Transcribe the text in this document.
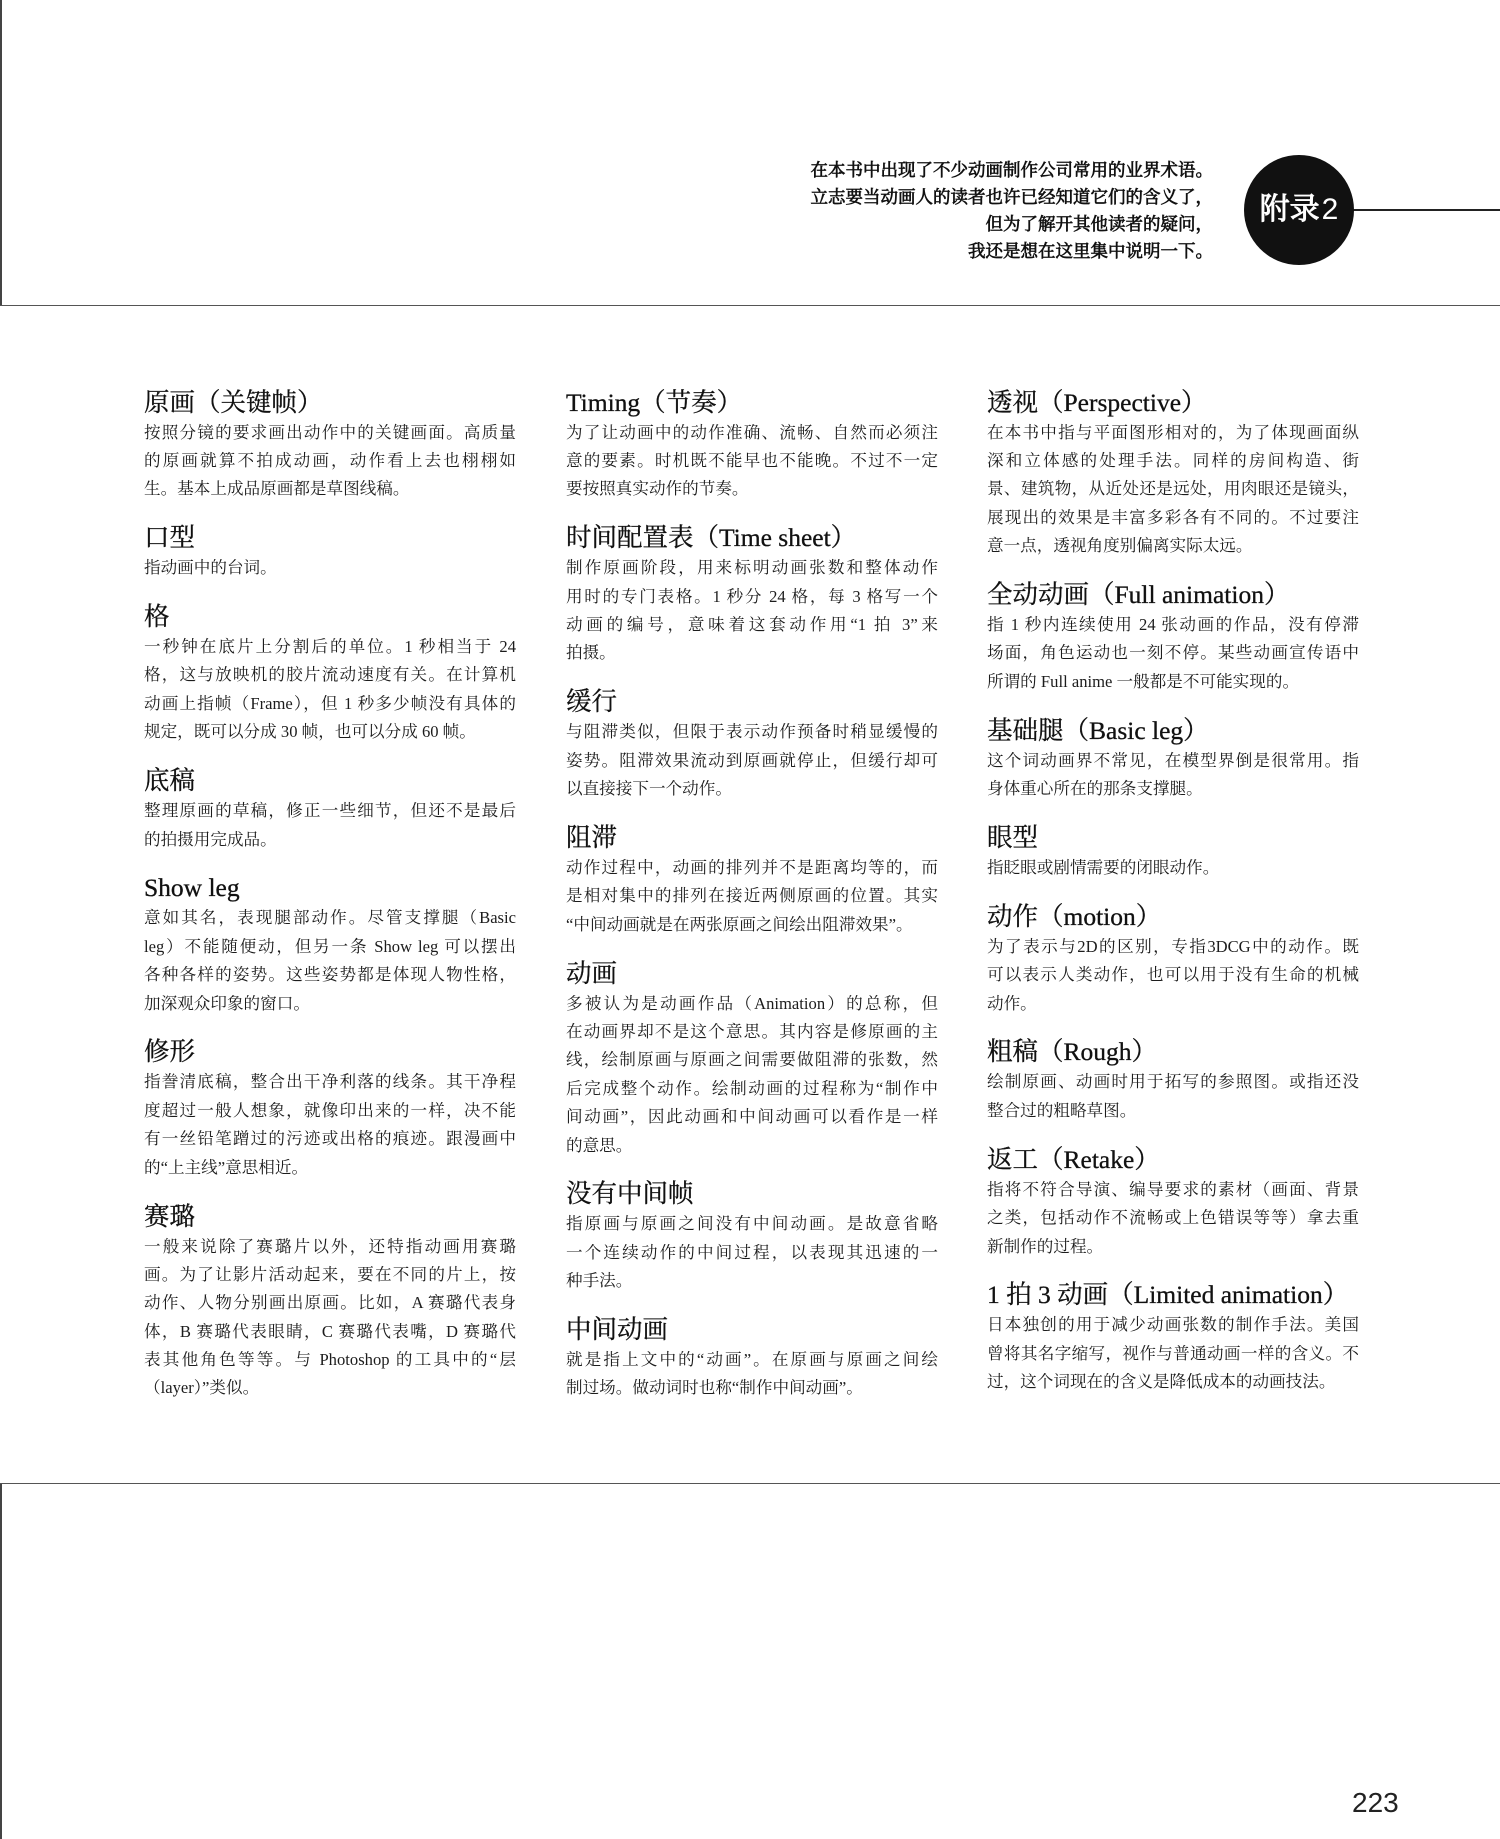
在本书中出现了不少动画制作公司常用的业界术语。
立志要当动画人的读者也许已经知道它们的含义了，
但为了解开其他读者的疑问，
我还是想在这里集中说明一下。
附录 2
原画（关键帧）
按照分镜的要求画出动作中的关键画面。高质量
的原画就算不拍成动画，动作看上去也栩栩如
生。基本上成品原画都是草图线稿。
口型
指动画中的台词。
格
一秒钟在底片上分割后的单位。1 秒相当于 24
格，这与放映机的胶片流动速度有关。在计算机
动画上指帧（Frame），但 1 秒多少帧没有具体的
规定，既可以分成 30 帧，也可以分成 60 帧。
底稿
整理原画的草稿，修正一些细节，但还不是最后
的拍摄用完成品。
Show leg
意如其名，表现腿部动作。尽管支撑腿（Basic
leg）不能随便动，但另一条 Show leg 可以摆出
各种各样的姿势。这些姿势都是体现人物性格，
加深观众印象的窗口。
修形
指誊清底稿，整合出干净利落的线条。其干净程
度超过一般人想象，就像印出来的一样，决不能
有一丝铅笔蹭过的污迹或出格的痕迹。跟漫画中
的“上主线”意思相近。
赛璐
一般来说除了赛璐片以外，还特指动画用赛璐
画。为了让影片活动起来，要在不同的片上，按
动作、人物分别画出原画。比如，A 赛璐代表身
体，B 赛璐代表眼睛，C 赛璐代表嘴，D 赛璐代
表其他角色等等。与 Photoshop 的工具中的“层
（layer）”类似。
Timing（节奏）
为了让动画中的动作准确、流畅、自然而必须注
意的要素。时机既不能早也不能晚。不过不一定
要按照真实动作的节奏。
时间配置表（Time sheet）
制作原画阶段，用来标明动画张数和整体动作
用时的专门表格。1 秒分 24 格，每 3 格写一个
动画的编号，意味着这套动作用“1 拍 3”来
拍摄。
缓行
与阻滞类似，但限于表示动作预备时稍显缓慢的
姿势。阻滞效果流动到原画就停止，但缓行却可
以直接接下一个动作。
阻滞
动作过程中，动画的排列并不是距离均等的，而
是相对集中的排列在接近两侧原画的位置。其实
“中间动画就是在两张原画之间绘出阻滞效果”。
动画
多被认为是动画作品（Animation）的总称，但
在动画界却不是这个意思。其内容是修原画的主
线，绘制原画与原画之间需要做阻滞的张数，然
后完成整个动作。绘制动画的过程称为“制作中
间动画”，因此动画和中间动画可以看作是一样
的意思。
没有中间帧
指原画与原画之间没有中间动画。是故意省略
一个连续动作的中间过程，以表现其迅速的一
种手法。
中间动画
就是指上文中的“动画”。在原画与原画之间绘
制过场。做动词时也称“制作中间动画”。
透视（Perspective）
在本书中指与平面图形相对的，为了体现画面纵
深和立体感的处理手法。同样的房间构造、街
景、建筑物，从近处还是远处，用肉眼还是镜头，
展现出的效果是丰富多彩各有不同的。不过要注
意一点，透视角度别偏离实际太远。
全动动画（Full animation）
指 1 秒内连续使用 24 张动画的作品，没有停滞
场面，角色运动也一刻不停。某些动画宣传语中
所谓的 Full anime 一般都是不可能实现的。
基础腿（Basic leg）
这个词动画界不常见，在模型界倒是很常用。指
身体重心所在的那条支撑腿。
眼型
指眨眼或剧情需要的闭眼动作。
动作（motion）
为了表示与2D的区别，专指3DCG中的动作。既
可以表示人类动作，也可以用于没有生命的机械
动作。
粗稿（Rough）
绘制原画、动画时用于拓写的参照图。或指还没
整合过的粗略草图。
返工（Retake）
指将不符合导演、编导要求的素材（画面、背景
之类，包括动作不流畅或上色错误等等）拿去重
新制作的过程。
1 拍 3 动画（Limited animation）
日本独创的用于减少动画张数的制作手法。美国
曾将其名字缩写，视作与普通动画一样的含义。不
过，这个词现在的含义是降低成本的动画技法。
223
